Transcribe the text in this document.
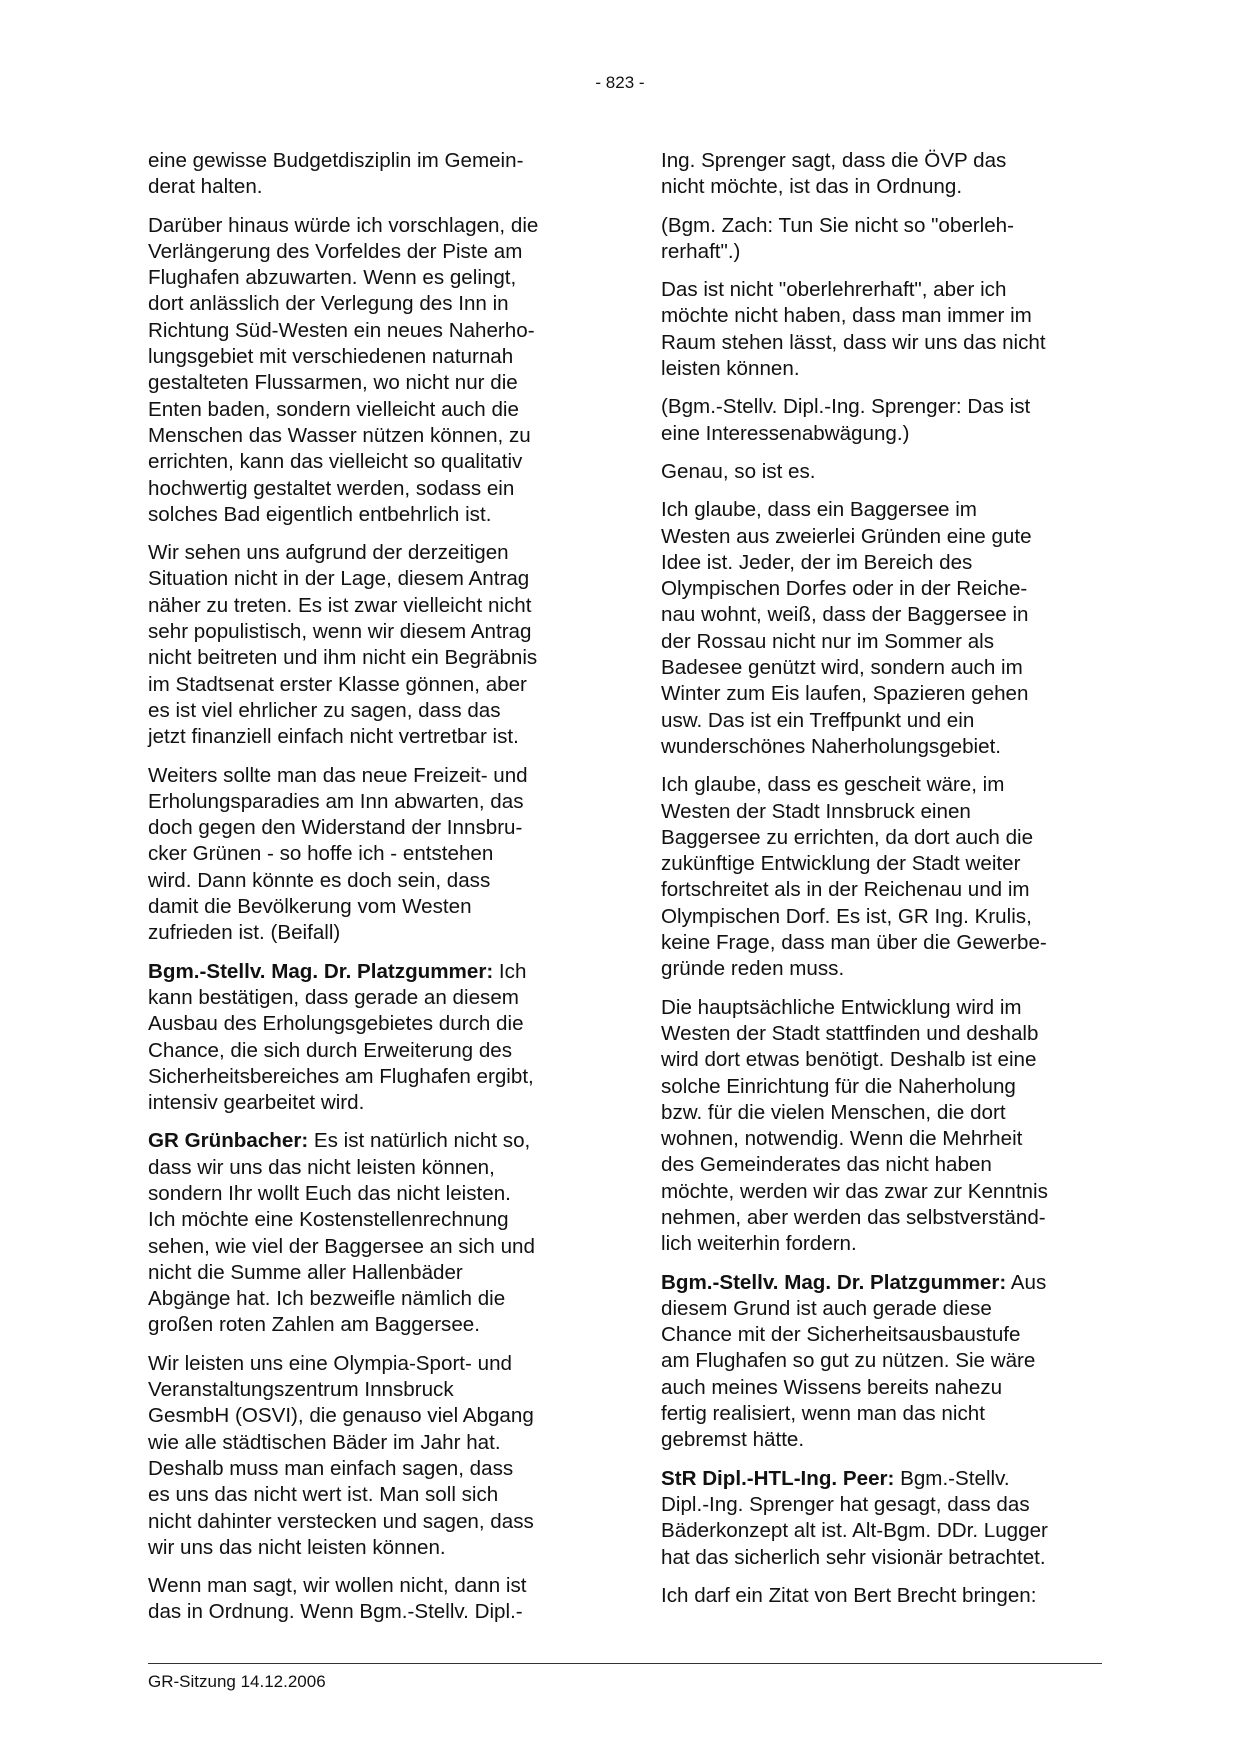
- 823 -

eine gewisse Budgetdisziplin im Gemein-
derat halten.

Darüber hinaus würde ich vorschlagen, die
Verlängerung des Vorfeldes der Piste am
Flughafen abzuwarten. Wenn es gelingt,
dort anlässlich der Verlegung des Inn in
Richtung Süd-Westen ein neues Naherho-
lungsgebiet mit verschiedenen naturnah
gestalteten Flussarmen, wo nicht nur die
Enten baden, sondern vielleicht auch die
Menschen das Wasser nützen können, zu
errichten, kann das vielleicht so qualitativ
hochwertig gestaltet werden, sodass ein
solches Bad eigentlich entbehrlich ist.

Wir sehen uns aufgrund der derzeitigen
Situation nicht in der Lage, diesem Antrag
näher zu treten. Es ist zwar vielleicht nicht
sehr populistisch, wenn wir diesem Antrag
nicht beitreten und ihm nicht ein Begräbnis
im Stadtsenat erster Klasse gönnen, aber
es ist viel ehrlicher zu sagen, dass das
jetzt finanziell einfach nicht vertretbar ist.

Weiters sollte man das neue Freizeit- und
Erholungsparadies am Inn abwarten, das
doch gegen den Widerstand der Innsbru-
cker Grünen - so hoffe ich - entstehen
wird. Dann könnte es doch sein, dass
damit die Bevölkerung vom Westen
zufrieden ist. (Beifall)

Bgm.-Stellv. Mag. Dr. Platzgummer: Ich
kann bestätigen, dass gerade an diesem
Ausbau des Erholungsgebietes durch die
Chance, die sich durch Erweiterung des
Sicherheitsbereiches am Flughafen ergibt,
intensiv gearbeitet wird.

GR Grünbacher: Es ist natürlich nicht so,
dass wir uns das nicht leisten können,
sondern Ihr wollt Euch das nicht leisten.
Ich möchte eine Kostenstellenrechnung
sehen, wie viel der Baggersee an sich und
nicht die Summe aller Hallenbäder
Abgänge hat. Ich bezweifle nämlich die
großen roten Zahlen am Baggersee.

Wir leisten uns eine Olympia-Sport- und
Veranstaltungszentrum Innsbruck
GesmbH (OSVI), die genauso viel Abgang
wie alle städtischen Bäder im Jahr hat.
Deshalb muss man einfach sagen, dass
es uns das nicht wert ist. Man soll sich
nicht dahinter verstecken und sagen, dass
wir uns das nicht leisten können.

Wenn man sagt, wir wollen nicht, dann ist
das in Ordnung. Wenn Bgm.-Stellv. Dipl.-

Ing. Sprenger sagt, dass die ÖVP das
nicht möchte, ist das in Ordnung.

(Bgm. Zach: Tun Sie nicht so "oberleh-
rerhaft".)

Das ist nicht "oberlehrerhaft", aber ich
möchte nicht haben, dass man immer im
Raum stehen lässt, dass wir uns das nicht
leisten können.

(Bgm.-Stellv. Dipl.-Ing. Sprenger: Das ist
eine Interessenabwägung.)

Genau, so ist es.

Ich glaube, dass ein Baggersee im
Westen aus zweierlei Gründen eine gute
Idee ist. Jeder, der im Bereich des
Olympischen Dorfes oder in der Reiche-
nau wohnt, weiß, dass der Baggersee in
der Rossau nicht nur im Sommer als
Badesee genützt wird, sondern auch im
Winter zum Eis laufen, Spazieren gehen
usw. Das ist ein Treffpunkt und ein
wunderschönes Naherholungsgebiet.

Ich glaube, dass es gescheit wäre, im
Westen der Stadt Innsbruck einen
Baggersee zu errichten, da dort auch die
zukünftige Entwicklung der Stadt weiter
fortschreitet als in der Reichenau und im
Olympischen Dorf. Es ist, GR Ing. Krulis,
keine Frage, dass man über die Gewerbe-
gründe reden muss.

Die hauptsächliche Entwicklung wird im
Westen der Stadt stattfinden und deshalb
wird dort etwas benötigt. Deshalb ist eine
solche Einrichtung für die Naherholung
bzw. für die vielen Menschen, die dort
wohnen, notwendig. Wenn die Mehrheit
des Gemeinderates das nicht haben
möchte, werden wir das zwar zur Kenntnis
nehmen, aber werden das selbstverständ-
lich weiterhin fordern.

Bgm.-Stellv. Mag. Dr. Platzgummer: Aus
diesem Grund ist auch gerade diese
Chance mit der Sicherheitsausbaustufe
am Flughafen so gut zu nützen. Sie wäre
auch meines Wissens bereits nahezu
fertig realisiert, wenn man das nicht
gebremst hätte.

StR Dipl.-HTL-Ing. Peer: Bgm.-Stellv.
Dipl.-Ing. Sprenger hat gesagt, dass das
Bäderkonzept alt ist. Alt-Bgm. DDr. Lugger
hat das sicherlich sehr visionär betrachtet.

Ich darf ein Zitat von Bert Brecht bringen:

GR-Sitzung 14.12.2006
